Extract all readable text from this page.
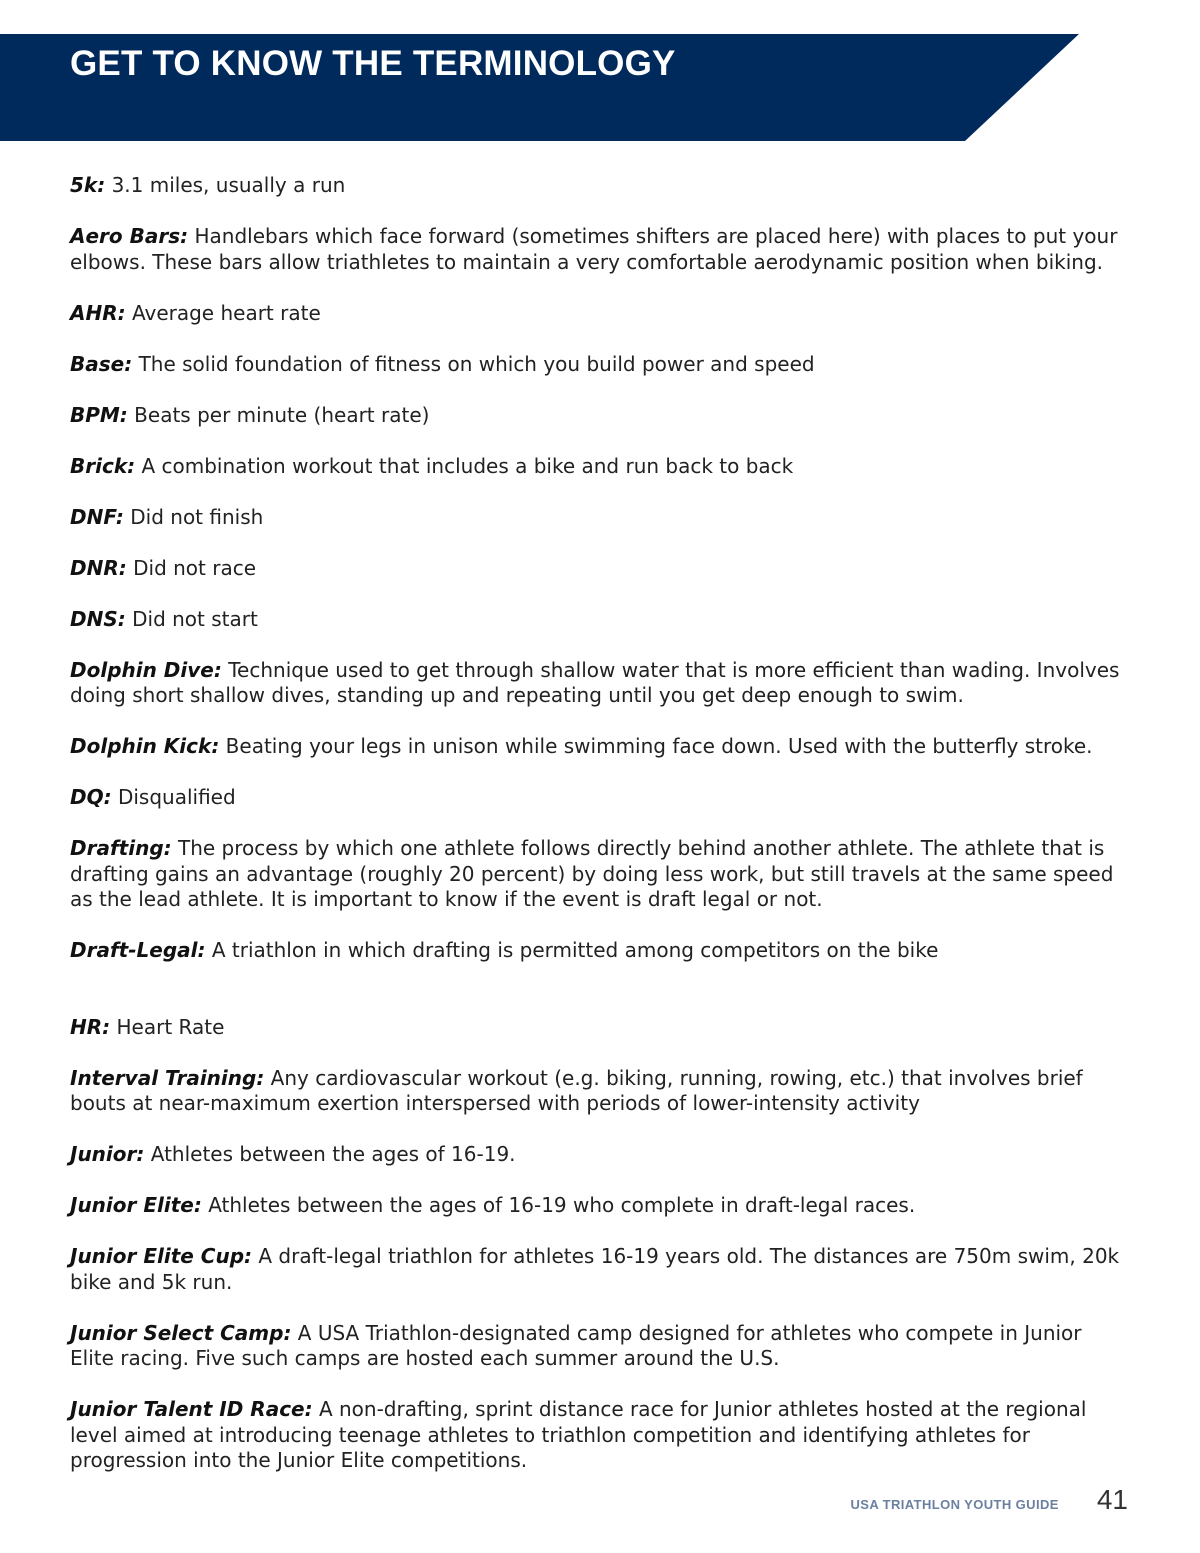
GET TO KNOW THE TERMINOLOGY
5k: 3.1 miles, usually a run
Aero Bars: Handlebars which face forward (sometimes shifters are placed here) with places to put your elbows. These bars allow triathletes to maintain a very comfortable aerodynamic position when biking.
AHR: Average heart rate
Base: The solid foundation of fitness on which you build power and speed
BPM: Beats per minute (heart rate)
Brick: A combination workout that includes a bike and run back to back
DNF: Did not finish
DNR: Did not race
DNS: Did not start
Dolphin Dive: Technique used to get through shallow water that is more efficient than wading. Involves doing short shallow dives, standing up and repeating until you get deep enough to swim.
Dolphin Kick: Beating your legs in unison while swimming face down. Used with the butterfly stroke.
DQ: Disqualified
Drafting: The process by which one athlete follows directly behind another athlete. The athlete that is drafting gains an advantage (roughly 20 percent) by doing less work, but still travels at the same speed as the lead athlete. It is important to know if the event is draft legal or not.
Draft-Legal: A triathlon in which drafting is permitted among competitors on the bike
HR: Heart Rate
Interval Training: Any cardiovascular workout (e.g. biking, running, rowing, etc.) that involves brief bouts at near-maximum exertion interspersed with periods of lower-intensity activity
Junior: Athletes between the ages of 16-19.
Junior Elite: Athletes between the ages of 16-19 who complete in draft-legal races.
Junior Elite Cup: A draft-legal triathlon for athletes 16-19 years old. The distances are 750m swim, 20k bike and 5k run.
Junior Select Camp: A USA Triathlon-designated camp designed for athletes who compete in Junior Elite racing. Five such camps are hosted each summer around the U.S.
Junior Talent ID Race: A non-drafting, sprint distance race for Junior athletes hosted at the regional level aimed at introducing teenage athletes to triathlon competition and identifying athletes for progression into the Junior Elite competitions.
USA TRIATHLON YOUTH GUIDE 41
